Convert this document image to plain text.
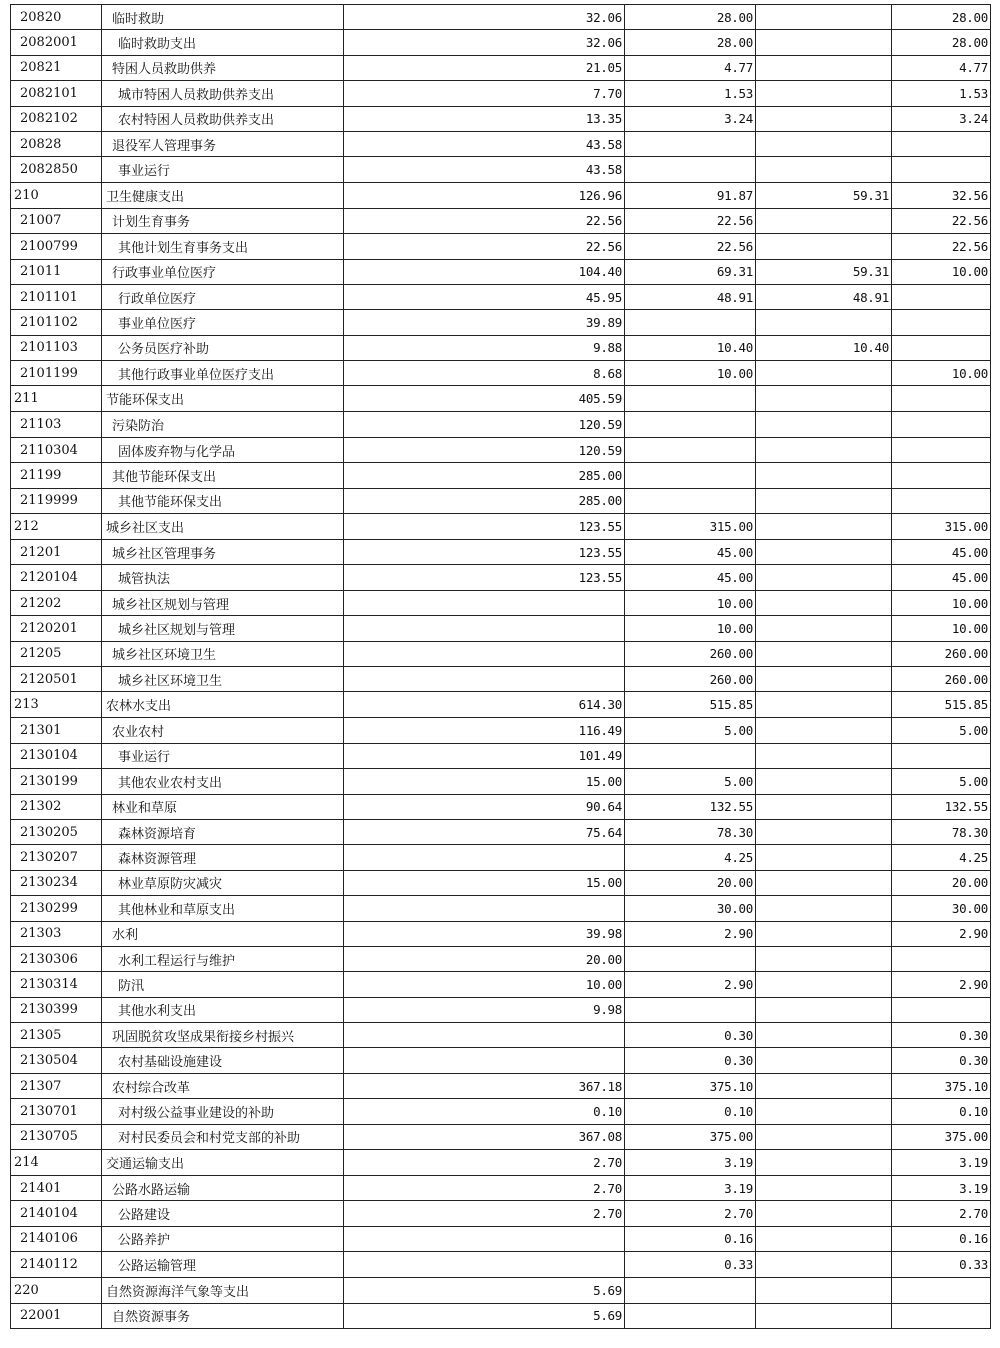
20820	临时救助	32.06	28.00		28.00
2082001	临时救助支出	32.06	28.00		28.00
20821	特困人员救助供养	21.05	4.77		4.77
2082101	城市特困人员救助供养支出	7.70	1.53		1.53
2082102	农村特困人员救助供养支出	13.35	3.24		3.24
20828	退役军人管理事务	43.58			
2082850	事业运行	43.58			
210	卫生健康支出	126.96	91.87	59.31	32.56
21007	计划生育事务	22.56	22.56		22.56
2100799	其他计划生育事务支出	22.56	22.56		22.56
21011	行政事业单位医疗	104.40	69.31	59.31	10.00
2101101	行政单位医疗	45.95	48.91	48.91	
2101102	事业单位医疗	39.89			
2101103	公务员医疗补助	9.88	10.40	10.40	
2101199	其他行政事业单位医疗支出	8.68	10.00		10.00
211	节能环保支出	405.59			
21103	污染防治	120.59			
2110304	固体废弃物与化学品	120.59			
21199	其他节能环保支出	285.00			
2119999	其他节能环保支出	285.00			
212	城乡社区支出	123.55	315.00		315.00
21201	城乡社区管理事务	123.55	45.00		45.00
2120104	城管执法	123.55	45.00		45.00
21202	城乡社区规划与管理		10.00		10.00
2120201	城乡社区规划与管理		10.00		10.00
21205	城乡社区环境卫生		260.00		260.00
2120501	城乡社区环境卫生		260.00		260.00
213	农林水支出	614.30	515.85		515.85
21301	农业农村	116.49	5.00		5.00
2130104	事业运行	101.49			
2130199	其他农业农村支出	15.00	5.00		5.00
21302	林业和草原	90.64	132.55		132.55
2130205	森林资源培育	75.64	78.30		78.30
2130207	森林资源管理		4.25		4.25
2130234	林业草原防灾减灾	15.00	20.00		20.00
2130299	其他林业和草原支出		30.00		30.00
21303	水利	39.98	2.90		2.90
2130306	水利工程运行与维护	20.00			
2130314	防汛	10.00	2.90		2.90
2130399	其他水利支出	9.98			
21305	巩固脱贫攻坚成果衔接乡村振兴		0.30		0.30
2130504	农村基础设施建设		0.30		0.30
21307	农村综合改革	367.18	375.10		375.10
2130701	对村级公益事业建设的补助	0.10	0.10		0.10
2130705	对村民委员会和村党支部的补助	367.08	375.00		375.00
214	交通运输支出	2.70	3.19		3.19
21401	公路水路运输	2.70	3.19		3.19
2140104	公路建设	2.70	2.70		2.70
2140106	公路养护		0.16		0.16
2140112	公路运输管理		0.33		0.33
220	自然资源海洋气象等支出	5.69			
22001	自然资源事务	5.69			
